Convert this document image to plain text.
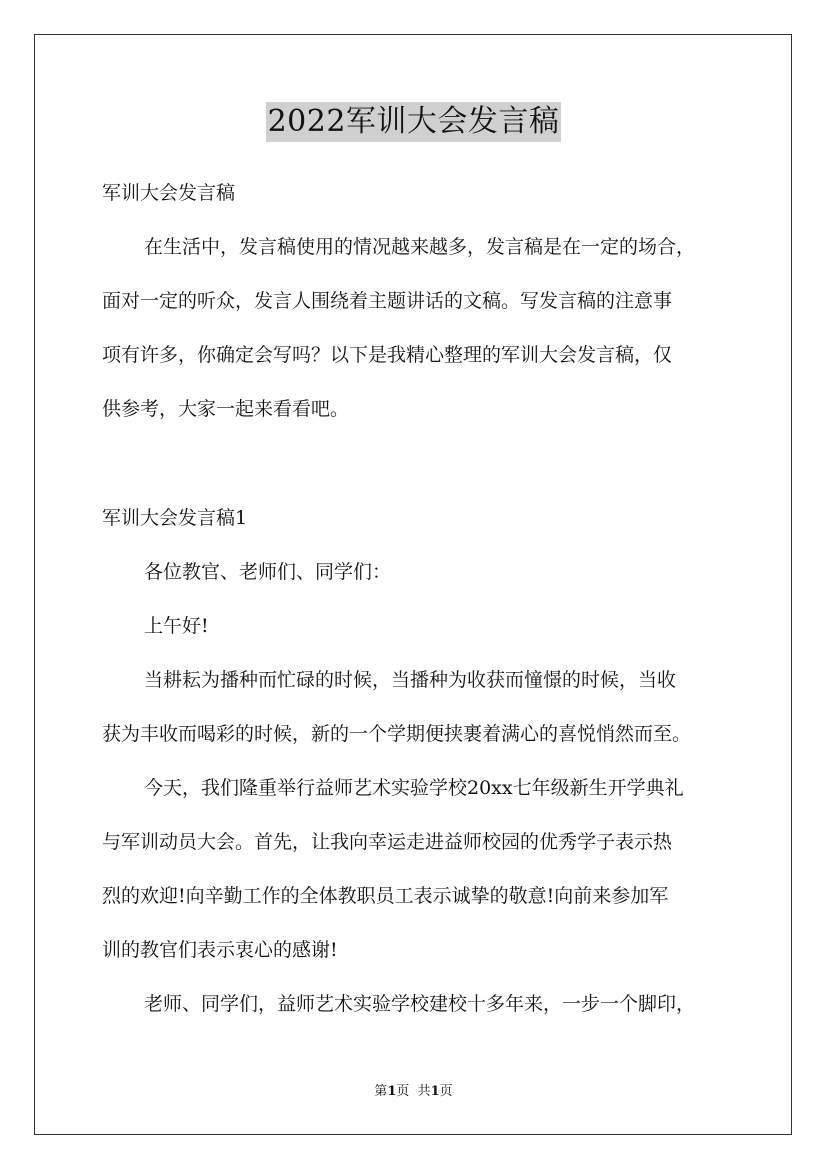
2022军训大会发言稿
军训大会发言稿
在生活中，发言稿使用的情况越来越多，发言稿是在一定的场合，
面对一定的听众，发言人围绕着主题讲话的文稿。写发言稿的注意事
项有许多，你确定会写吗？以下是我精心整理的军训大会发言稿，仅
供参考，大家一起来看看吧。
军训大会发言稿1
各位教官、老师们、同学们：
上午好!
当耕耘为播种而忙碌的时候，当播种为收获而憧憬的时候，当收
获为丰收而喝彩的时候，新的一个学期便挟裹着满心的喜悦悄然而至。
今天，我们隆重举行益师艺术实验学校20xx七年级新生开学典礼
与军训动员大会。首先，让我向幸运走进益师校园的优秀学子表示热
烈的欢迎!向辛勤工作的全体教职员工表示诚挚的敬意!向前来参加军
训的教官们表示衷心的感谢!
老师、同学们，益师艺术实验学校建校十多年来，一步一个脚印，
第1页  共1页
